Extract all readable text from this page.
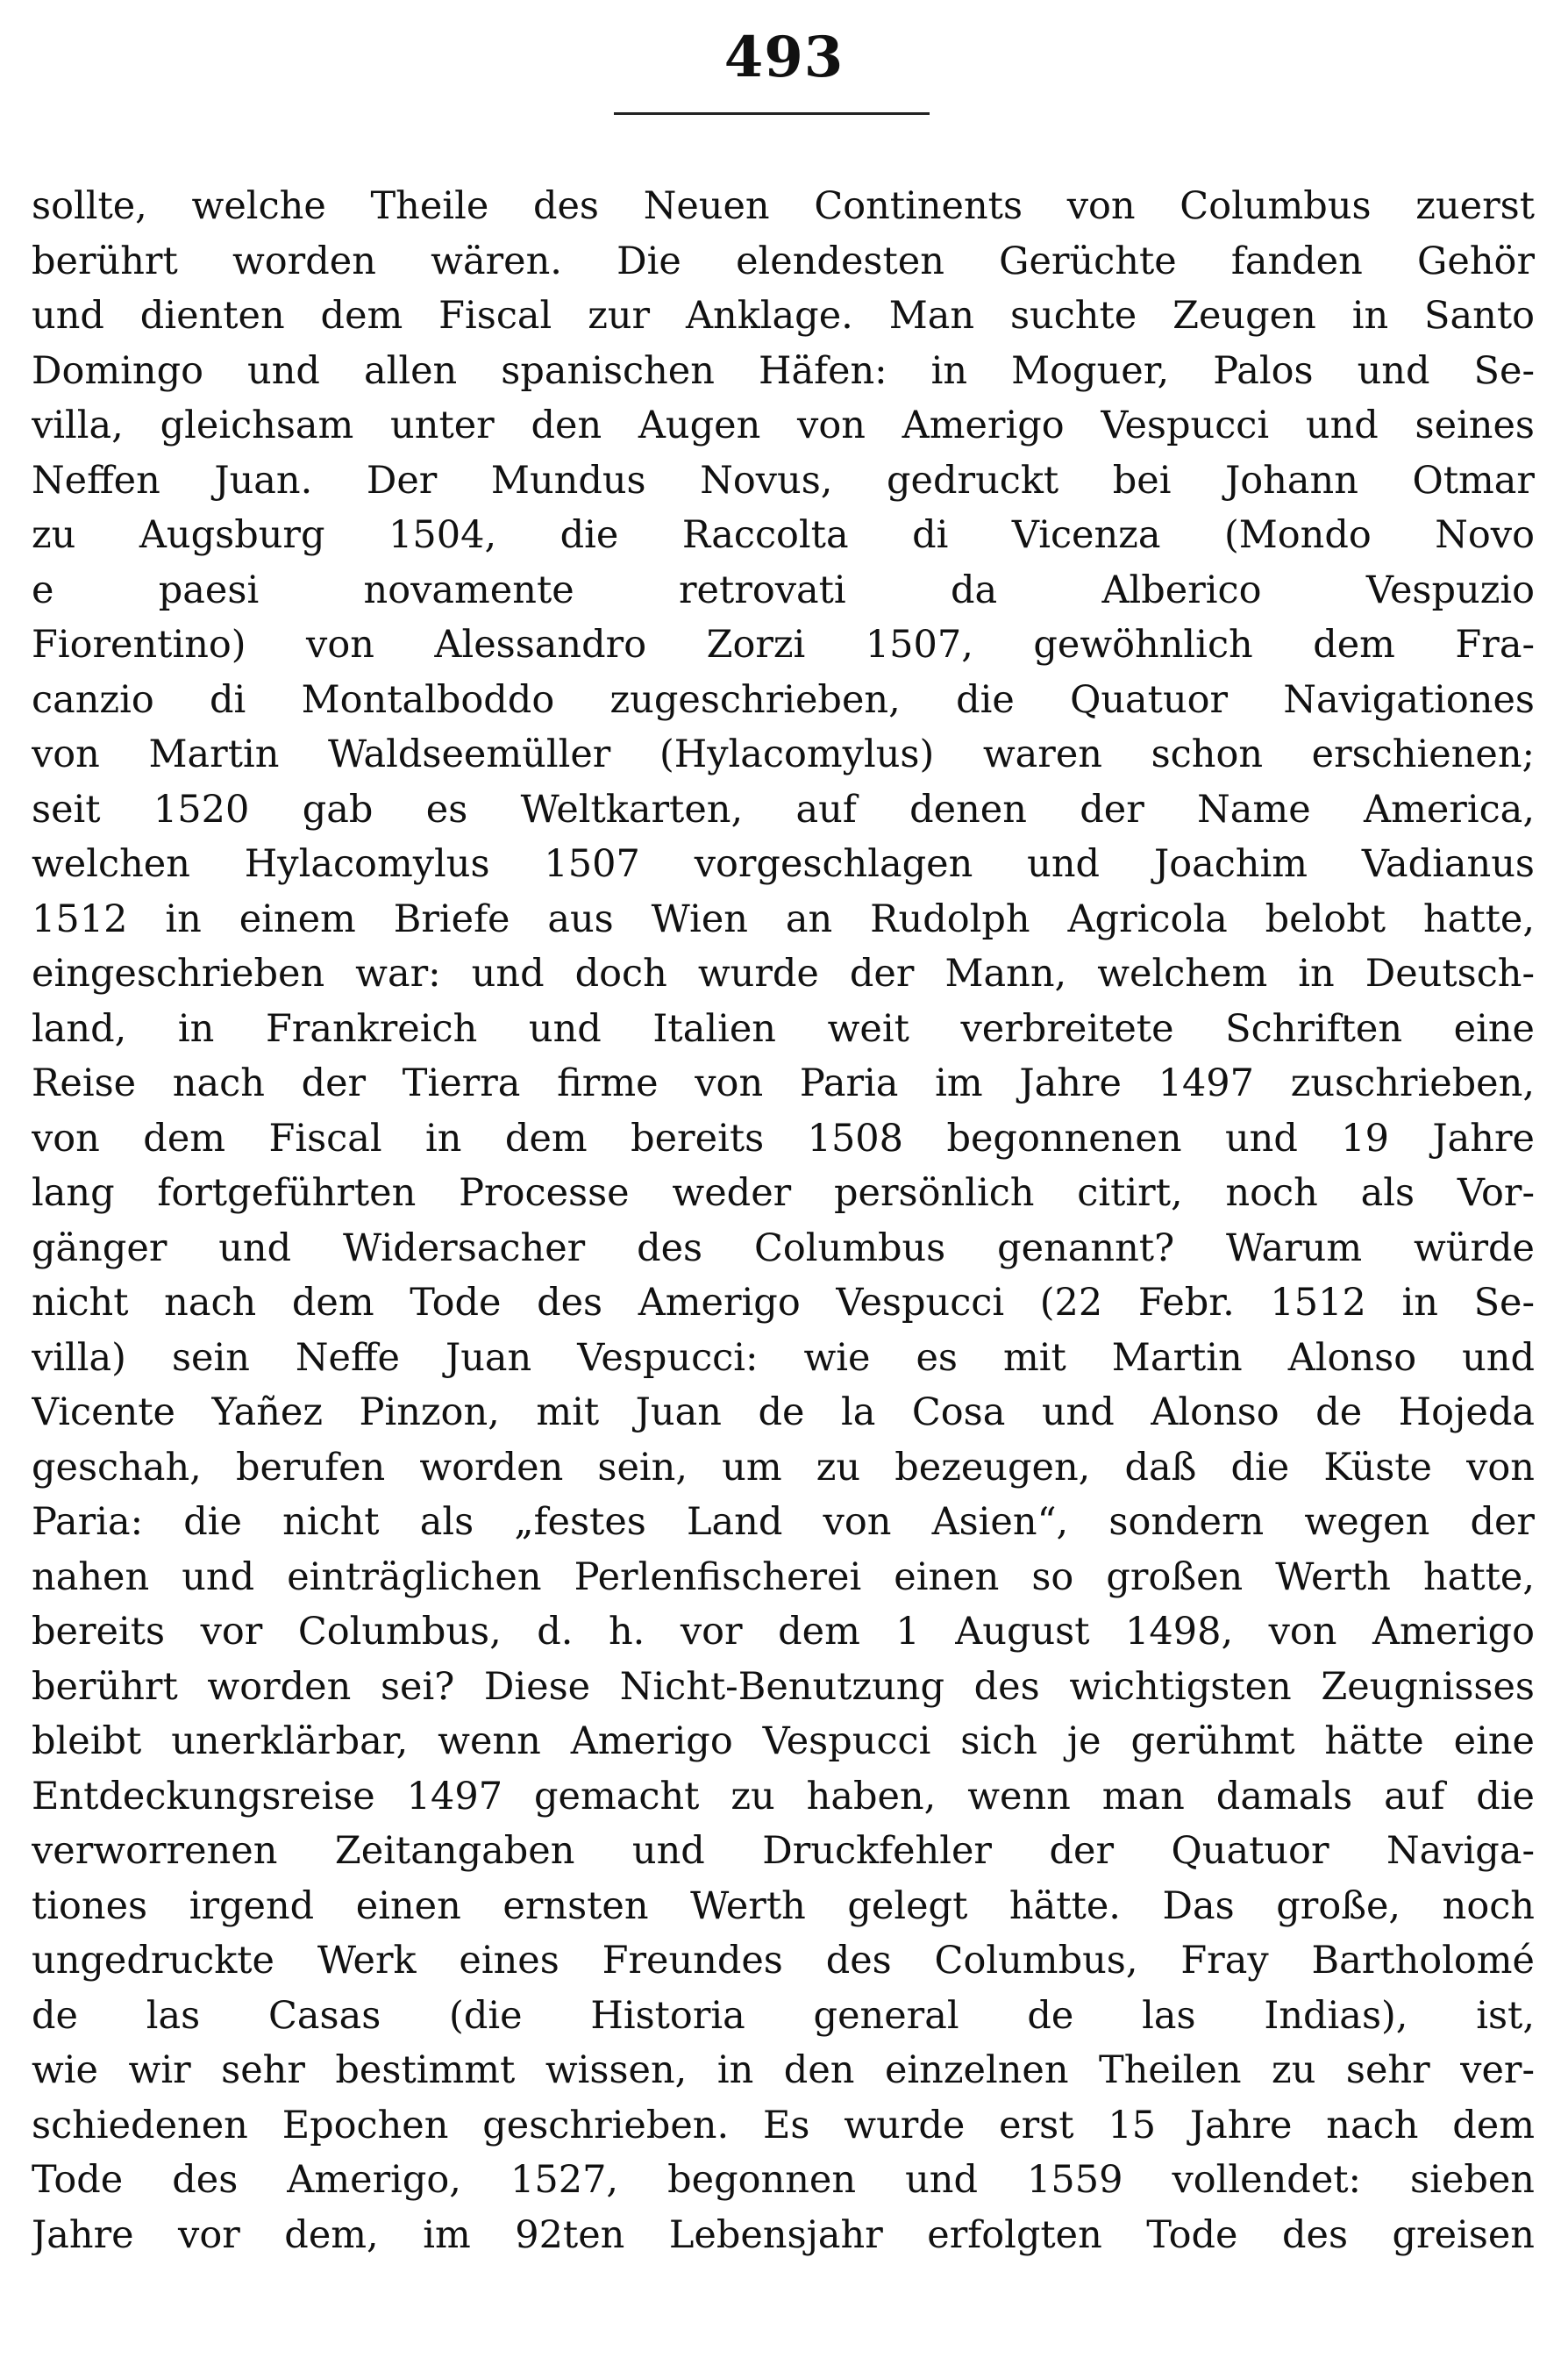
493
sollte, welche Theile des Neuen Continents von Columbus zuerst
berührt worden wären. Die elendesten Gerüchte fanden Gehör
und dienten dem Fiscal zur Anklage. Man suchte Zeugen in Santo
Domingo und allen spanischen Häfen: in Moguer, Palos und Se-
villa, gleichsam unter den Augen von Amerigo Vespucci und seines
Neffen Juan. Der Mundus Novus, gedruckt bei Johann Otmar
zu Augsburg 1504, die Raccolta di Vicenza (Mondo Novo
e paesi novamente retrovati da Alberico Vespuzio
Fiorentino) von Alessandro Zorzi 1507, gewöhnlich dem Fra-
canzio di Montalboddo zugeschrieben, die Quatuor Navigationes
von Martin Waldseemüller (Hylacomylus) waren schon erschienen;
seit 1520 gab es Weltkarten, auf denen der Name America,
welchen Hylacomylus 1507 vorgeschlagen und Joachim Vadianus
1512 in einem Briefe aus Wien an Rudolph Agricola belobt hatte,
eingeschrieben war: und doch wurde der Mann, welchem in Deutsch-
land, in Frankreich und Italien weit verbreitete Schriften eine
Reise nach der Tierra firme von Paria im Jahre 1497 zuschrieben,
von dem Fiscal in dem bereits 1508 begonnenen und 19 Jahre
lang fortgeführten Processe weder persönlich citirt, noch als Vor-
gänger und Widersacher des Columbus genannt? Warum würde
nicht nach dem Tode des Amerigo Vespucci (22 Febr. 1512 in Se-
villa) sein Neffe Juan Vespucci: wie es mit Martin Alonso und
Vicente Yañez Pinzon, mit Juan de la Cosa und Alonso de Hojeda
geschah, berufen worden sein, um zu bezeugen, daß die Küste von
Paria: die nicht als „festes Land von Asien“, sondern wegen der
nahen und einträglichen Perlenfischerei einen so großen Werth hatte,
bereits vor Columbus, d. h. vor dem 1 August 1498, von Amerigo
berührt worden sei? Diese Nicht-Benutzung des wichtigsten Zeugnisses
bleibt unerklärbar, wenn Amerigo Vespucci sich je gerühmt hätte eine
Entdeckungsreise 1497 gemacht zu haben, wenn man damals auf die
verworrenen Zeitangaben und Druckfehler der Quatuor Naviga-
tiones irgend einen ernsten Werth gelegt hätte. Das große, noch
ungedruckte Werk eines Freundes des Columbus, Fray Bartholomé
de las Casas (die Historia general de las Indias), ist,
wie wir sehr bestimmt wissen, in den einzelnen Theilen zu sehr ver-
schiedenen Epochen geschrieben. Es wurde erst 15 Jahre nach dem
Tode des Amerigo, 1527, begonnen und 1559 vollendet: sieben
Jahre vor dem, im 92ten Lebensjahr erfolgten Tode des greisen
